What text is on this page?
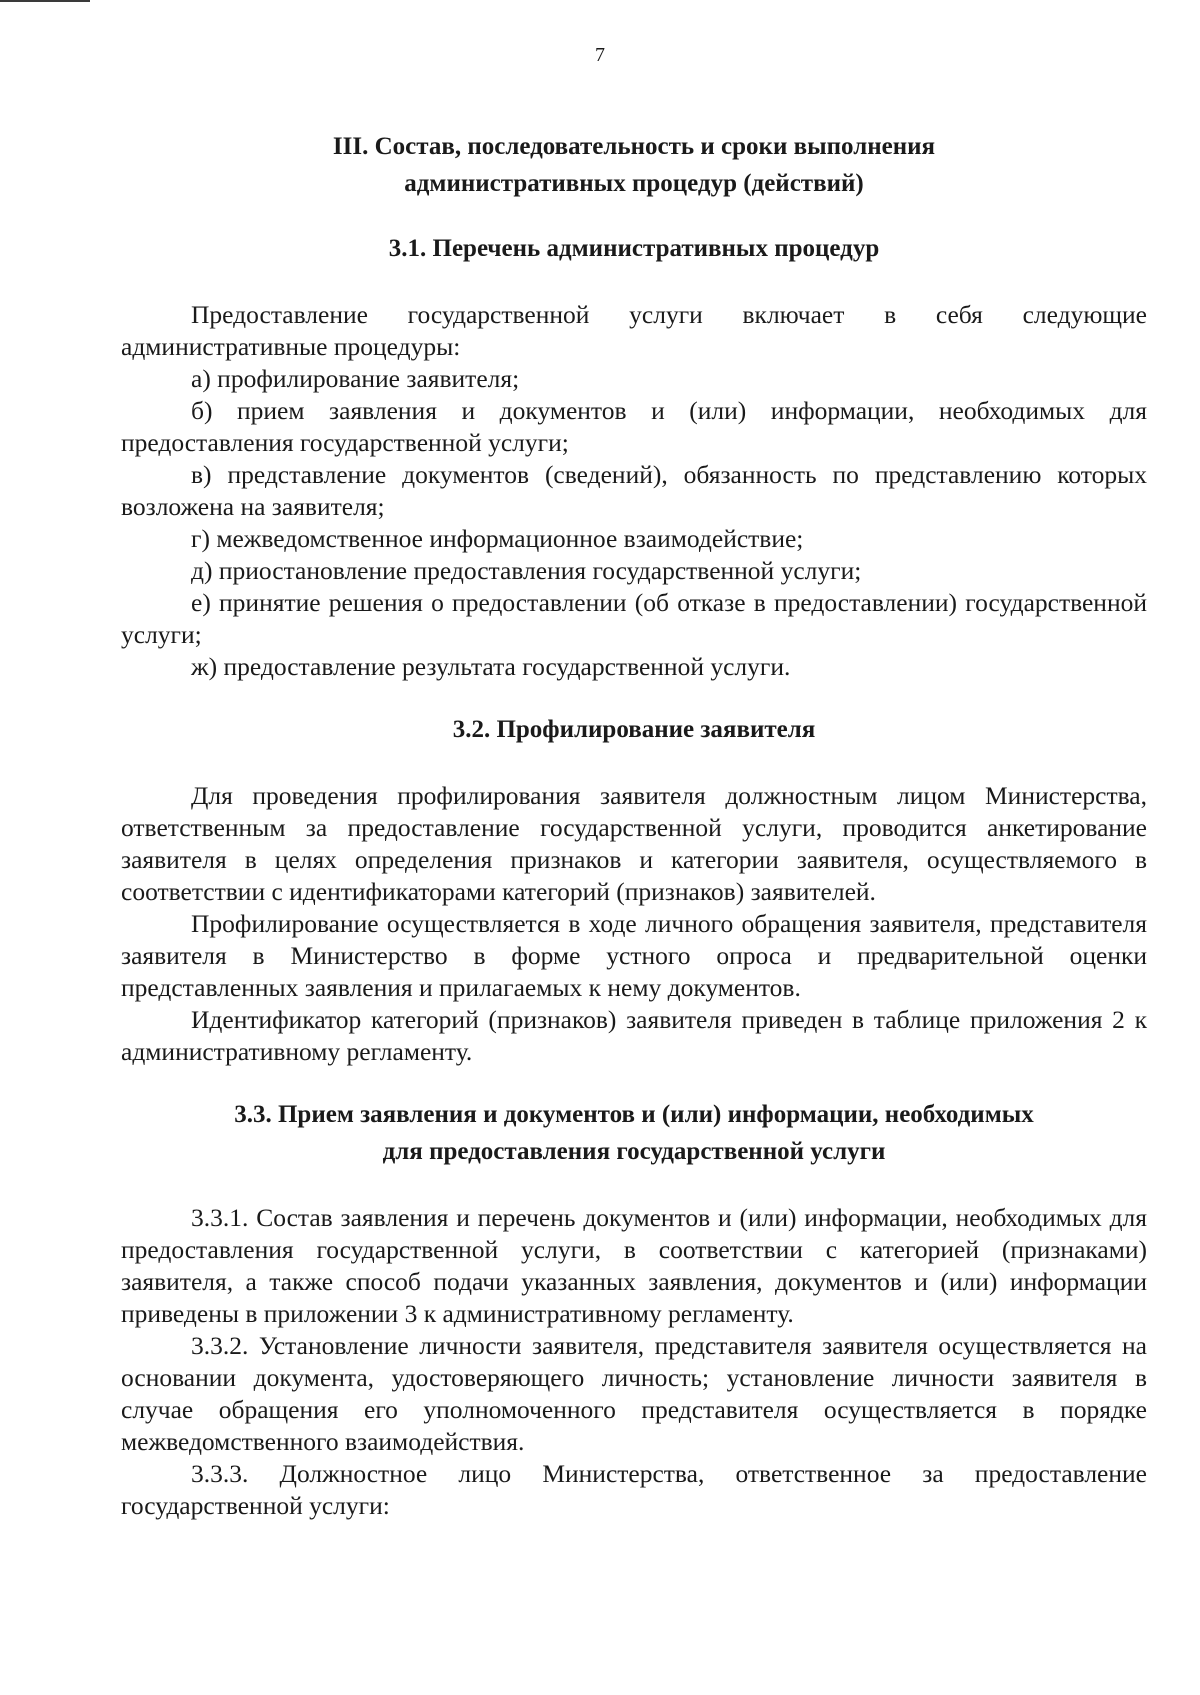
7
III. Состав, последовательность и сроки выполнения
административных процедур (действий)
3.1. Перечень административных процедур

Предоставление государственной услуги включает в себя следующие административные процедуры:

а) профилирование заявителя;

б) прием заявления и документов и (или) информации, необходимых для предоставления государственной услуги;

в) представление документов (сведений), обязанность по представлению которых возложена на заявителя;

г) межведомственное информационное взаимодействие;

д) приостановление предоставления государственной услуги;

е) принятие решения о предоставлении (об отказе в предоставлении) государственной услуги;

ж) предоставление результата государственной услуги.

3.2. Профилирование заявителя

Для проведения профилирования заявителя должностным лицом Министерства, ответственным за предоставление государственной услуги, проводится анкетирование заявителя в целях определения признаков и категории заявителя, осуществляемого в соответствии с идентификаторами категорий (признаков) заявителей.

Профилирование осуществляется в ходе личного обращения заявителя, представителя заявителя в Министерство в форме устного опроса и предварительной оценки представленных заявления и прилагаемых к нему документов.

Идентификатор категорий (признаков) заявителя приведен в таблице приложения 2 к административному регламенту.

3.3. Прием заявления и документов и (или) информации, необходимых
для предоставления государственной услуги

3.3.1. Состав заявления и перечень документов и (или) информации, необходимых для предоставления государственной услуги, в соответствии с категорией (признаками) заявителя, а также способ подачи указанных заявления, документов и (или) информации приведены в приложении 3 к административному регламенту.

3.3.2. Установление личности заявителя, представителя заявителя осуществляется на основании документа, удостоверяющего личность; установление личности заявителя в случае обращения его уполномоченного представителя осуществляется в порядке межведомственного взаимодействия.

3.3.3. Должностное лицо Министерства, ответственное за предоставление государственной услуги:
